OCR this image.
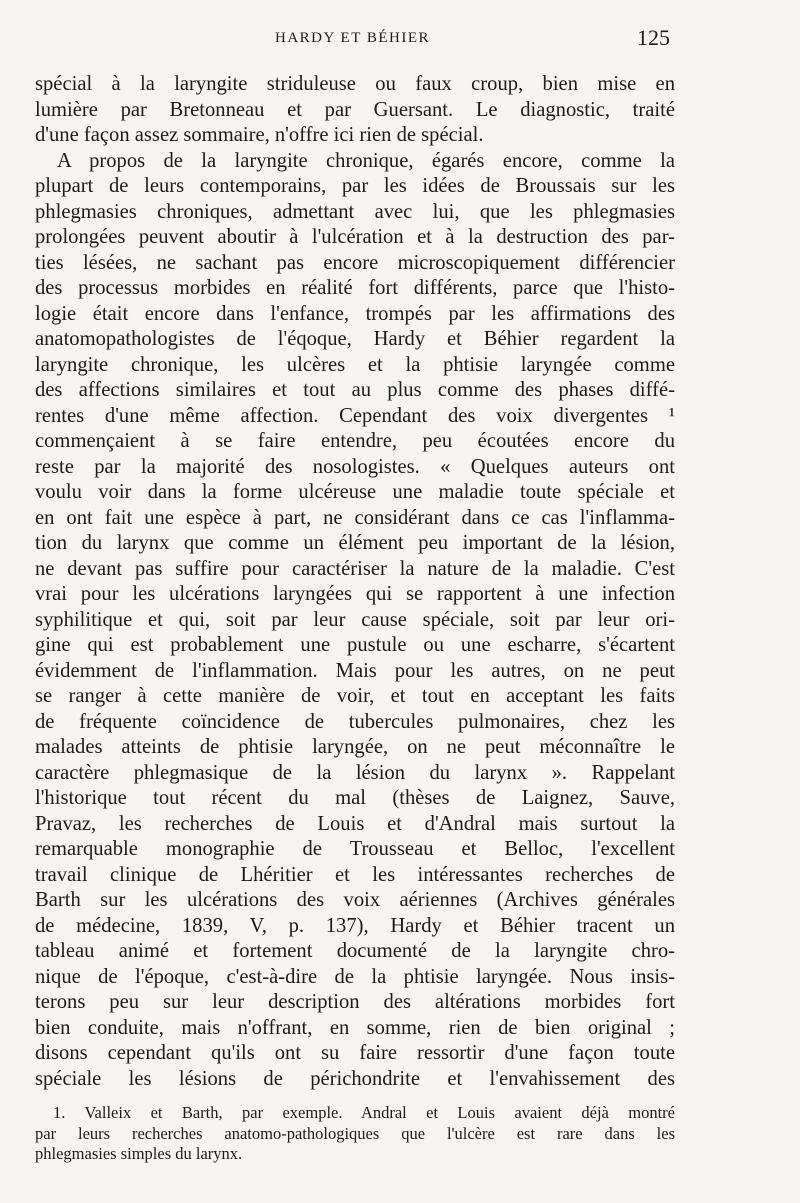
HARDY ET BÉHIER	125
spécial à la laryngite striduleuse ou faux croup, bien mise en
lumière par Bretonneau et par Guersant. Le diagnostic, traité
d'une façon assez sommaire, n'offre ici rien de spécial.
A propos de la laryngite chronique, égarés encore, comme la
plupart de leurs contemporains, par les idées de Broussais sur les
phlegmasies chroniques, admettant avec lui, que les phlegmasies
prolongées peuvent aboutir à l'ulcération et à la destruction des par-
ties lésées, ne sachant pas encore microscopiquement différencier
des processus morbides en réalité fort différents, parce que l'histo-
logie était encore dans l'enfance, trompés par les affirmations des
anatomopathologistes de l'éqoque, Hardy et Béhier regardent la
laryngite chronique, les ulcères et la phtisie laryngée comme
des affections similaires et tout au plus comme des phases diffé-
rentes d'une même affection. Cependant des voix divergentes ¹
commençaient à se faire entendre, peu écoutées encore du
reste par la majorité des nosologistes. « Quelques auteurs ont
voulu voir dans la forme ulcéreuse une maladie toute spéciale et
en ont fait une espèce à part, ne considérant dans ce cas l'inflamma-
tion du larynx que comme un élément peu important de la lésion,
ne devant pas suffire pour caractériser la nature de la maladie. C'est
vrai pour les ulcérations laryngées qui se rapportent à une infection
syphilitique et qui, soit par leur cause spéciale, soit par leur ori-
gine qui est probablement une pustule ou une escharre, s'écartent
évidemment de l'inflammation. Mais pour les autres, on ne peut
se ranger à cette manière de voir, et tout en acceptant les faits
de fréquente coïncidence de tubercules pulmonaires, chez les
malades atteints de phtisie laryngée, on ne peut méconnaître le
caractère phlegmasique de la lésion du larynx ». Rappelant
l'historique tout récent du mal (thèses de Laignez, Sauve,
Pravaz, les recherches de Louis et d'Andral mais surtout la
remarquable monographie de Trousseau et Belloc, l'excellent
travail clinique de Lhéritier et les intéressantes recherches de
Barth sur les ulcérations des voix aériennes (Archives générales
de médecine, 1839, V, p. 137), Hardy et Béhier tracent un
tableau animé et fortement documenté de la laryngite chro-
nique de l'époque, c'est-à-dire de la phtisie laryngée. Nous insis-
terons peu sur leur description des altérations morbides fort
bien conduite, mais n'offrant, en somme, rien de bien original ;
disons cependant qu'ils ont su faire ressortir d'une façon toute
spéciale les lésions de périchondrite et l'envahissement des
1. Valleix et Barth, par exemple. Andral et Louis avaient déjà montré
par leurs recherches anatomo-pathologiques que l'ulcère est rare dans les
phlegmasies simples du larynx.
